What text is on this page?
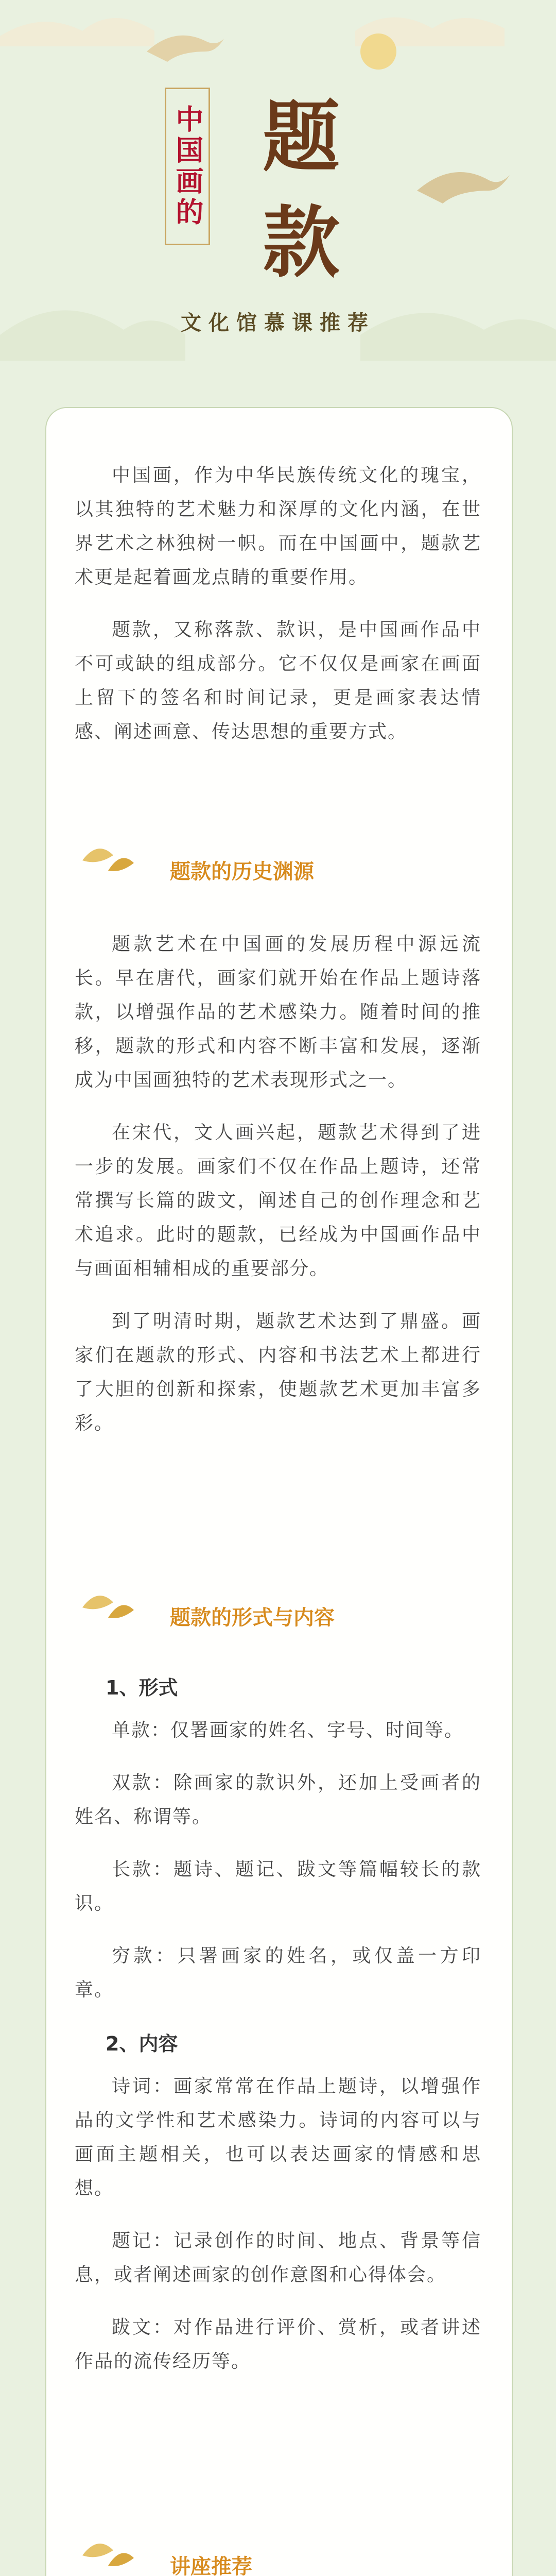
中国画的 题
款
文化馆慕课推荐

中国画，作为中华民族传统文化的瑰宝，以其独特的艺术魅力和深厚的文化内涵，在世界艺术之林独树一帜。而在中国画中，题款艺术更是起着画龙点睛的重要作用。

题款，又称落款、款识，是中国画作品中不可或缺的组成部分。它不仅仅是画家在画面上留下的签名和时间记录，更是画家表达情感、阐述画意、传达思想的重要方式。

题款的历史渊源

题款艺术在中国画的发展历程中源远流长。早在唐代，画家们就开始在作品上题诗落款，以增强作品的艺术感染力。随着时间的推移，题款的形式和内容不断丰富和发展，逐渐成为中国画独特的艺术表现形式之一。

在宋代，文人画兴起，题款艺术得到了进一步的发展。画家们不仅在作品上题诗，还常常撰写长篇的跋文，阐述自己的创作理念和艺术追求。此时的题款，已经成为中国画作品中与画面相辅相成的重要部分。

到了明清时期，题款艺术达到了鼎盛。画家们在题款的形式、内容和书法艺术上都进行了大胆的创新和探索，使题款艺术更加丰富多彩。

题款的形式与内容

1、形式

单款：仅署画家的姓名、字号、时间等。

双款：除画家的款识外，还加上受画者的姓名、称谓等。

长款：题诗、题记、跋文等篇幅较长的款识。

穷款：只署画家的姓名，或仅盖一方印章。

2、内容

诗词：画家常常在作品上题诗，以增强作品的文学性和艺术感染力。诗词的内容可以与画面主题相关，也可以表达画家的情感和思想。

题记：记录创作的时间、地点、背景等信息，或者阐述画家的创作意图和心得体会。

跋文：对作品进行评价、赏析，或者讲述作品的流传经历等。

讲座推荐
